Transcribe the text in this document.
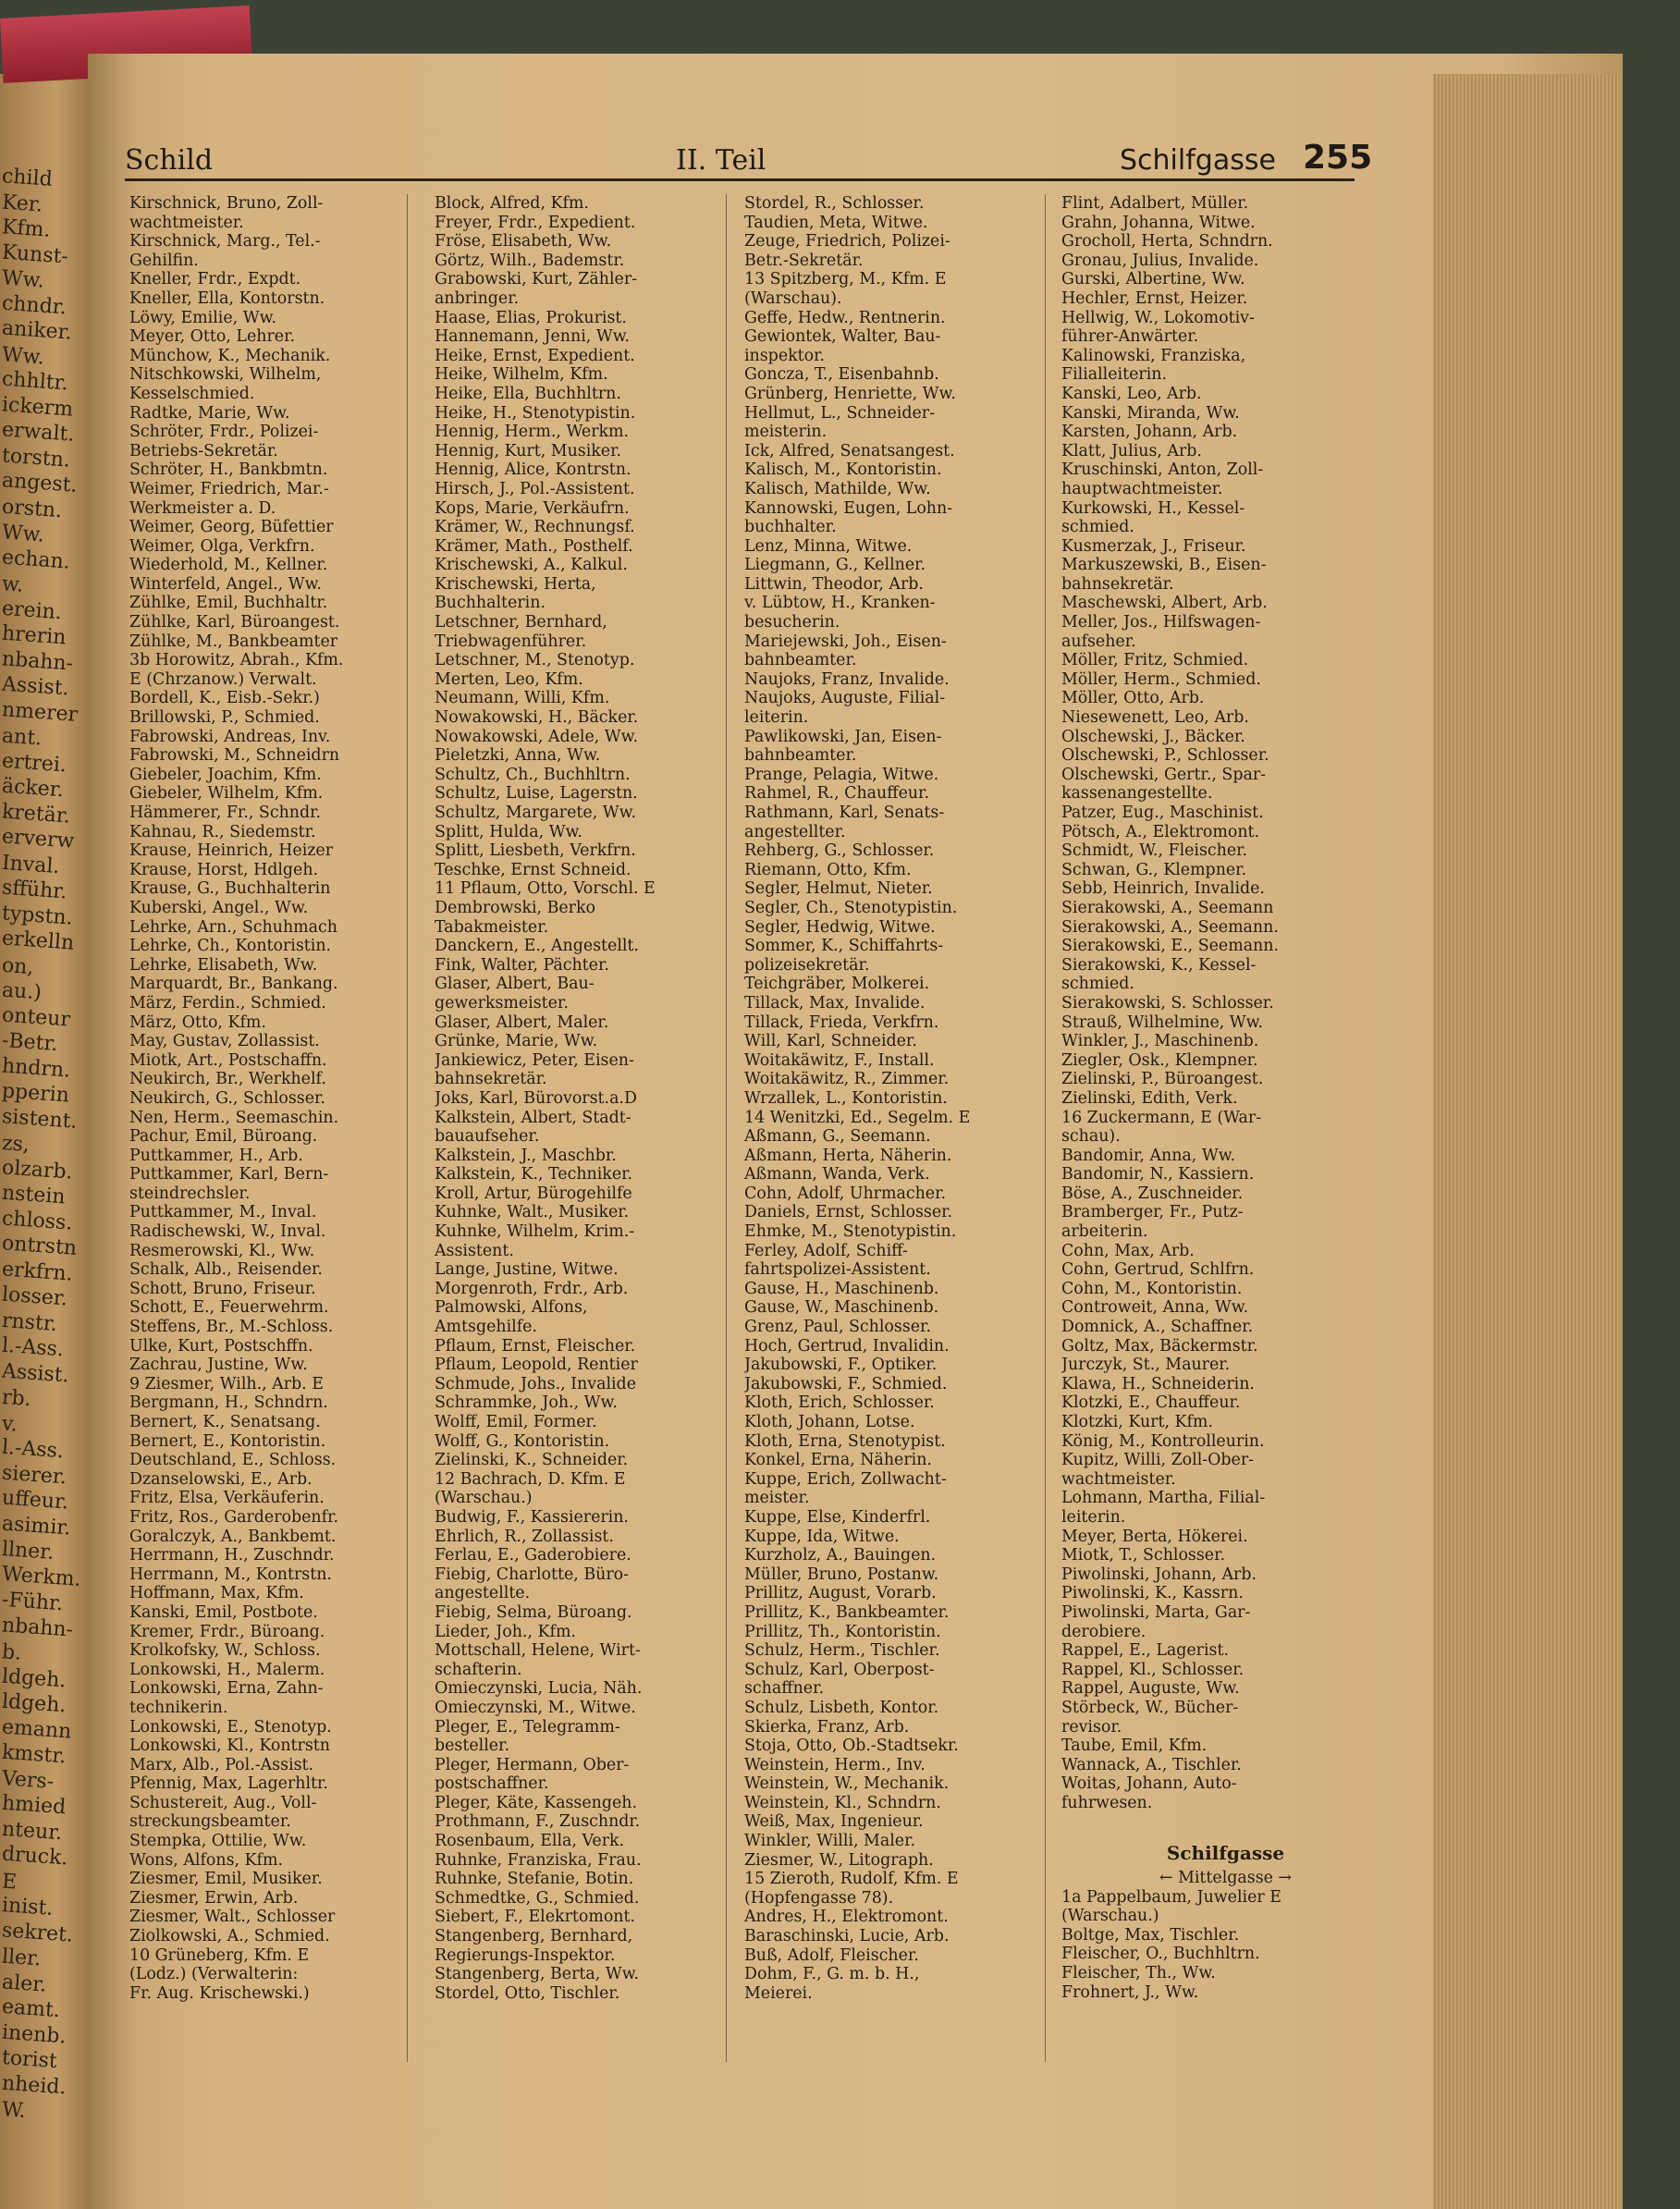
child
Ker.
Kfm.
Kunst-
Ww.
chndr.
aniker.
Ww.
chhltr.
ickerm
erwalt.
torstn.
angest.
orstn.
Ww.
echan.
w.
erein.
hrerin
nbahn-
Assist.
nmerer
ant.
ertrei.
äcker.
kretär.
erverw
Inval.
sfführ.
typstn.
erkelln
on,
au.)
onteur
-Betr.
hndrn.
pperin
sistent.
zs,
olzarb.
nstein
chloss.
ontrstn
erkfrn.
losser.
rnstr.
l.-Ass.
Assist.
rb.
v.
l.-Ass.
sierer.
uffeur.
asimir.
llner.
Werkm.
-Führ.
nbahn-
b.
ldgeh.
ldgeh.
emann
kmstr.
Vers-
hmied
nteur.
druck.
E
inist.
sekret.
ller.
aler.
eamt.
inenb.
torist
nheid.
W.
Schild	II. Teil	Schilfgasse 255
Kirschnick, Bruno, Zoll-
wachtmeister.
Kirschnick, Marg., Tel.-
Gehilfin.
Kneller, Frdr., Expdt.
Kneller, Ella, Kontorstn.
Löwy, Emilie, Ww.
Meyer, Otto, Lehrer.
Münchow, K., Mechanik.
Nitschkowski, Wilhelm,
Kesselschmied.
Radtke, Marie, Ww.
Schröter, Frdr., Polizei-
Betriebs-Sekretär.
Schröter, H., Bankbmtn.
Weimer, Friedrich, Mar.-
Werkmeister a. D.
Weimer, Georg, Büfettier
Weimer, Olga, Verkfrn.
Wiederhold, M., Kellner.
Winterfeld, Angel., Ww.
Zühlke, Emil, Buchhaltr.
Zühlke, Karl, Büroangest.
Zühlke, M., Bankbeamter
3b Horowitz, Abrah., Kfm.
E (Chrzanow.) Verwalt.
Bordell, K., Eisb.-Sekr.)
Brillowski, P., Schmied.
Fabrowski, Andreas, Inv.
Fabrowski, M., Schneidrn
Giebeler, Joachim, Kfm.
Giebeler, Wilhelm, Kfm.
Hämmerer, Fr., Schndr.
Kahnau, R., Siedemstr.
Krause, Heinrich, Heizer
Krause, Horst, Hdlgeh.
Krause, G., Buchhalterin
Kuberski, Angel., Ww.
Lehrke, Arn., Schuhmach
Lehrke, Ch., Kontoristin.
Lehrke, Elisabeth, Ww.
Marquardt, Br., Bankang.
März, Ferdin., Schmied.
März, Otto, Kfm.
May, Gustav, Zollassist.
Miotk, Art., Postschaffn.
Neukirch, Br., Werkhelf.
Neukirch, G., Schlosser.
Nen, Herm., Seemaschin.
Pachur, Emil, Büroang.
Puttkammer, H., Arb.
Puttkammer, Karl, Bern-
steindrechsler.
Puttkammer, M., Inval.
Radischewski, W., Inval.
Resmerowski, Kl., Ww.
Schalk, Alb., Reisender.
Schott, Bruno, Friseur.
Schott, E., Feuerwehrm.
Steffens, Br., M.-Schloss.
Ulke, Kurt, Postschffn.
Zachrau, Justine, Ww.
9 Ziesmer, Wilh., Arb. E
Bergmann, H., Schndrn.
Bernert, K., Senatsang.
Bernert, E., Kontoristin.
Deutschland, E., Schloss.
Dzanselowski, E., Arb.
Fritz, Elsa, Verkäuferin.
Fritz, Ros., Garderobenfr.
Goralczyk, A., Bankbemt.
Herrmann, H., Zuschndr.
Herrmann, M., Kontrstn.
Hoffmann, Max, Kfm.
Kanski, Emil, Postbote.
Kremer, Frdr., Büroang.
Krolkofsky, W., Schloss.
Lonkowski, H., Malerm.
Lonkowski, Erna, Zahn-
technikerin.
Lonkowski, E., Stenotyp.
Lonkowski, Kl., Kontrstn
Marx, Alb., Pol.-Assist.
Pfennig, Max, Lagerhltr.
Schustereit, Aug., Voll-
streckungsbeamter.
Stempka, Ottilie, Ww.
Wons, Alfons, Kfm.
Ziesmer, Emil, Musiker.
Ziesmer, Erwin, Arb.
Ziesmer, Walt., Schlosser
Ziolkowski, A., Schmied.
10 Grüneberg, Kfm. E
(Lodz.) (Verwalterin:
Fr. Aug. Krischewski.)
Block, Alfred, Kfm.
Freyer, Frdr., Expedient.
Fröse, Elisabeth, Ww.
Görtz, Wilh., Bademstr.
Grabowski, Kurt, Zähler-
anbringer.
Haase, Elias, Prokurist.
Hannemann, Jenni, Ww.
Heike, Ernst, Expedient.
Heike, Wilhelm, Kfm.
Heike, Ella, Buchhltrn.
Heike, H., Stenotypistin.
Hennig, Herm., Werkm.
Hennig, Kurt, Musiker.
Hennig, Alice, Kontrstn.
Hirsch, J., Pol.-Assistent.
Kops, Marie, Verkäufrn.
Krämer, W., Rechnungsf.
Krämer, Math., Posthelf.
Krischewski, A., Kalkul.
Krischewski, Herta,
Buchhalterin.
Letschner, Bernhard,
Triebwagenführer.
Letschner, M., Stenotyp.
Merten, Leo, Kfm.
Neumann, Willi, Kfm.
Nowakowski, H., Bäcker.
Nowakowski, Adele, Ww.
Pieletzki, Anna, Ww.
Schultz, Ch., Buchhltrn.
Schultz, Luise, Lagerstn.
Schultz, Margarete, Ww.
Splitt, Hulda, Ww.
Splitt, Liesbeth, Verkfrn.
Teschke, Ernst Schneid.
11 Pflaum, Otto, Vorschl. E
Dembrowski, Berko
Tabakmeister.
Danckern, E., Angestellt.
Fink, Walter, Pächter.
Glaser, Albert, Bau-
gewerksmeister.
Glaser, Albert, Maler.
Grünke, Marie, Ww.
Jankiewicz, Peter, Eisen-
bahnsekretär.
Joks, Karl, Bürovorst.a.D
Kalkstein, Albert, Stadt-
bauaufseher.
Kalkstein, J., Maschbr.
Kalkstein, K., Techniker.
Kroll, Artur, Bürogehilfe
Kuhnke, Walt., Musiker.
Kuhnke, Wilhelm, Krim.-
Assistent.
Lange, Justine, Witwe.
Morgenroth, Frdr., Arb.
Palmowski, Alfons,
Amtsgehilfe.
Pflaum, Ernst, Fleischer.
Pflaum, Leopold, Rentier
Schmude, Johs., Invalide
Schrammke, Joh., Ww.
Wolff, Emil, Former.
Wolff, G., Kontoristin.
Zielinski, K., Schneider.
12 Bachrach, D. Kfm. E
(Warschau.)
Budwig, F., Kassiererin.
Ehrlich, R., Zollassist.
Ferlau, E., Gaderobiere.
Fiebig, Charlotte, Büro-
angestellte.
Fiebig, Selma, Büroang.
Lieder, Joh., Kfm.
Mottschall, Helene, Wirt-
schafterin.
Omieczynski, Lucia, Näh.
Omieczynski, M., Witwe.
Pleger, E., Telegramm-
besteller.
Pleger, Hermann, Ober-
postschaffner.
Pleger, Käte, Kassengeh.
Prothmann, F., Zuschndr.
Rosenbaum, Ella, Verk.
Ruhnke, Franziska, Frau.
Ruhnke, Stefanie, Botin.
Schmedtke, G., Schmied.
Siebert, F., Elekrtomont.
Stangenberg, Bernhard,
Regierungs-Inspektor.
Stangenberg, Berta, Ww.
Stordel, Otto, Tischler.
Stordel, R., Schlosser.
Taudien, Meta, Witwe.
Zeuge, Friedrich, Polizei-
Betr.-Sekretär.
13 Spitzberg, M., Kfm. E
(Warschau).
Geffe, Hedw., Rentnerin.
Gewiontek, Walter, Bau-
inspektor.
Goncza, T., Eisenbahnb.
Grünberg, Henriette, Ww.
Hellmut, L., Schneider-
meisterin.
Ick, Alfred, Senatsangest.
Kalisch, M., Kontoristin.
Kalisch, Mathilde, Ww.
Kannowski, Eugen, Lohn-
buchhalter.
Lenz, Minna, Witwe.
Liegmann, G., Kellner.
Littwin, Theodor, Arb.
v. Lübtow, H., Kranken-
besucherin.
Mariejewski, Joh., Eisen-
bahnbeamter.
Naujoks, Franz, Invalide.
Naujoks, Auguste, Filial-
leiterin.
Pawlikowski, Jan, Eisen-
bahnbeamter.
Prange, Pelagia, Witwe.
Rahmel, R., Chauffeur.
Rathmann, Karl, Senats-
angestellter.
Rehberg, G., Schlosser.
Riemann, Otto, Kfm.
Segler, Helmut, Nieter.
Segler, Ch., Stenotypistin.
Segler, Hedwig, Witwe.
Sommer, K., Schiffahrts-
polizeisekretär.
Teichgräber, Molkerei.
Tillack, Max, Invalide.
Tillack, Frieda, Verkfrn.
Will, Karl, Schneider.
Woitakäwitz, F., Install.
Woitakäwitz, R., Zimmer.
Wrzallek, L., Kontoristin.
14 Wenitzki, Ed., Segelm. E
Aßmann, G., Seemann.
Aßmann, Herta, Näherin.
Aßmann, Wanda, Verk.
Cohn, Adolf, Uhrmacher.
Daniels, Ernst, Schlosser.
Ehmke, M., Stenotypistin.
Ferley, Adolf, Schiff-
fahrtspolizei-Assistent.
Gause, H., Maschinenb.
Gause, W., Maschinenb.
Grenz, Paul, Schlosser.
Hoch, Gertrud, Invalidin.
Jakubowski, F., Optiker.
Jakubowski, F., Schmied.
Kloth, Erich, Schlosser.
Kloth, Johann, Lotse.
Kloth, Erna, Stenotypist.
Konkel, Erna, Näherin.
Kuppe, Erich, Zollwacht-
meister.
Kuppe, Else, Kinderfrl.
Kuppe, Ida, Witwe.
Kurzholz, A., Bauingen.
Müller, Bruno, Postanw.
Prillitz, August, Vorarb.
Prillitz, K., Bankbeamter.
Prillitz, Th., Kontoristin.
Schulz, Herm., Tischler.
Schulz, Karl, Oberpost-
schaffner.
Schulz, Lisbeth, Kontor.
Skierka, Franz, Arb.
Stoja, Otto, Ob.-Stadtsekr.
Weinstein, Herm., Inv.
Weinstein, W., Mechanik.
Weinstein, Kl., Schndrn.
Weiß, Max, Ingenieur.
Winkler, Willi, Maler.
Ziesmer, W., Litograph.
15 Zieroth, Rudolf, Kfm. E
(Hopfengasse 78).
Andres, H., Elektromont.
Baraschinski, Lucie, Arb.
Buß, Adolf, Fleischer.
Dohm, F., G. m. b. H.,
Meierei.
Flint, Adalbert, Müller.
Grahn, Johanna, Witwe.
Grocholl, Herta, Schndrn.
Gronau, Julius, Invalide.
Gurski, Albertine, Ww.
Hechler, Ernst, Heizer.
Hellwig, W., Lokomotiv-
führer-Anwärter.
Kalinowski, Franziska,
Filialleiterin.
Kanski, Leo, Arb.
Kanski, Miranda, Ww.
Karsten, Johann, Arb.
Klatt, Julius, Arb.
Kruschinski, Anton, Zoll-
hauptwachtmeister.
Kurkowski, H., Kessel-
schmied.
Kusmerzak, J., Friseur.
Markuszewski, B., Eisen-
bahnsekretär.
Maschewski, Albert, Arb.
Meller, Jos., Hilfswagen-
aufseher.
Möller, Fritz, Schmied.
Möller, Herm., Schmied.
Möller, Otto, Arb.
Niesewenett, Leo, Arb.
Olschewski, J., Bäcker.
Olschewski, P., Schlosser.
Olschewski, Gertr., Spar-
kassenangestellte.
Patzer, Eug., Maschinist.
Pötsch, A., Elektromont.
Schmidt, W., Fleischer.
Schwan, G., Klempner.
Sebb, Heinrich, Invalide.
Sierakowski, A., Seemann
Sierakowski, A., Seemann.
Sierakowski, E., Seemann.
Sierakowski, K., Kessel-
schmied.
Sierakowski, S. Schlosser.
Strauß, Wilhelmine, Ww.
Winkler, J., Maschinenb.
Ziegler, Osk., Klempner.
Zielinski, P., Büroangest.
Zielinski, Edith, Verk.
16 Zuckermann, E (War-
schau).
Bandomir, Anna, Ww.
Bandomir, N., Kassiern.
Böse, A., Zuschneider.
Bramberger, Fr., Putz-
arbeiterin.
Cohn, Max, Arb.
Cohn, Gertrud, Schlfrn.
Cohn, M., Kontoristin.
Controweit, Anna, Ww.
Domnick, A., Schaffner.
Goltz, Max, Bäckermstr.
Jurczyk, St., Maurer.
Klawa, H., Schneiderin.
Klotzki, E., Chauffeur.
Klotzki, Kurt, Kfm.
König, M., Kontrolleurin.
Kupitz, Willi, Zoll-Ober-
wachtmeister.
Lohmann, Martha, Filial-
leiterin.
Meyer, Berta, Hökerei.
Miotk, T., Schlosser.
Piwolinski, Johann, Arb.
Piwolinski, K., Kassrn.
Piwolinski, Marta, Gar-
derobiere.
Rappel, E., Lagerist.
Rappel, Kl., Schlosser.
Rappel, Auguste, Ww.
Störbeck, W., Bücher-
revisor.
Taube, Emil, Kfm.
Wannack, A., Tischler.
Woitas, Johann, Auto-
fuhrwesen.
Schilfgasse
← Mittelgasse →
1a Pappelbaum, Juwelier E
(Warschau.)
Boltge, Max, Tischler.
Fleischer, O., Buchhltrn.
Fleischer, Th., Ww.
Frohnert, J., Ww.
